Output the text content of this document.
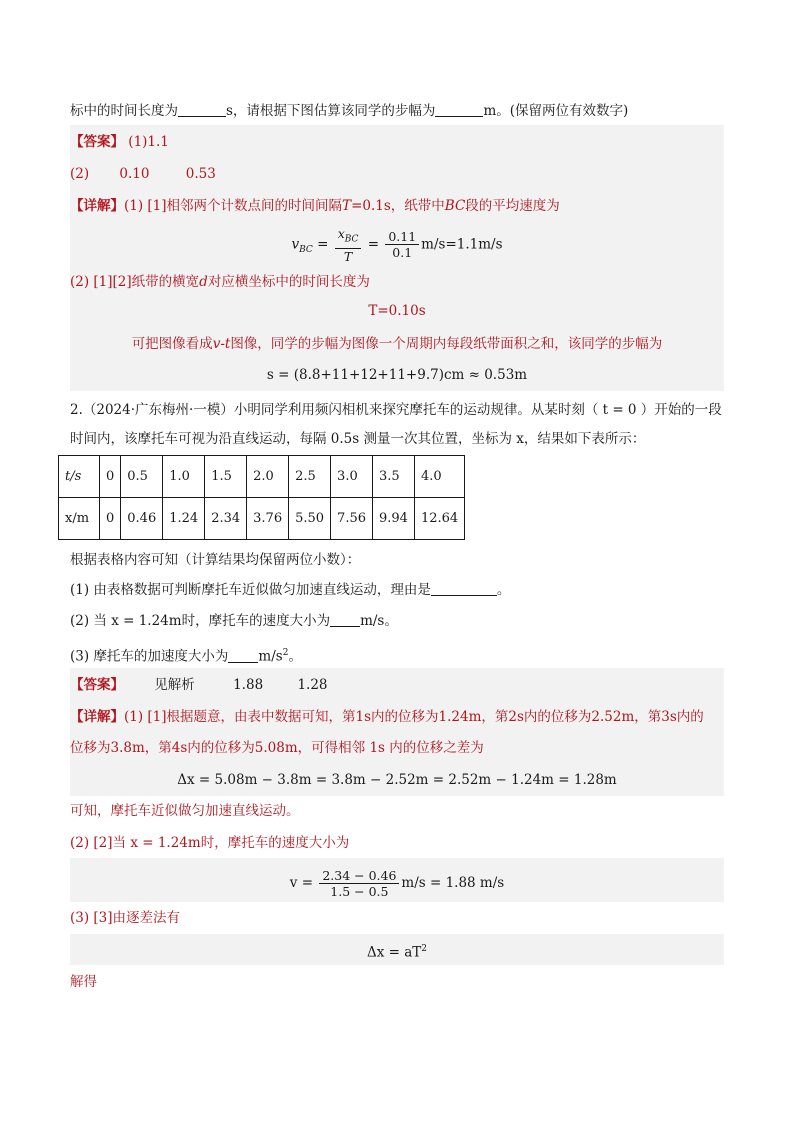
标中的时间长度为	s，请根据下图估算该同学的步幅为	m。(保留两位有效数字)
【答案】 (1)1.1
(2) 0.10	0.53
【详解】(1) [1]相邻两个计数点间的时间间隔T=0.1s，纸带中BC段的平均速度为
$v_{BC} = \frac{x_{BC}}{T} = \frac{0.11}{0.1} m/s=1.1m/s$
(2) [1][2]纸带的横宽d对应横坐标中的时间长度为
T=0.10s
可把图像看成v-t图像，同学的步幅为图像一个周期内每段纸带面积之和，该同学的步幅为
s = (8.8+11+12+11+9.7)cm ≈ 0.53m
2.（2024·广东梅州·一模）小明同学利用频闪相机来探究摩托车的运动规律。从某时刻（ t = 0 ）开始的一段
时间内，该摩托车可视为沿直线运动，每隔 0.5s 测量一次其位置，坐标为 x，结果如下表所示：
t/s	0	0.5	1.0	1.5	2.0	2.5	3.0	3.5	4.0
x/m	0	0.46	1.24	2.34	3.76	5.50	7.56	9.94	12.64
根据表格内容可知（计算结果均保留两位小数）：
(1) 由表格数据可判断摩托车近似做匀加速直线运动，理由是	。
(2) 当 x = 1.24m时，摩托车的速度大小为 m/s。
(3) 摩托车的加速度大小为 $m/s^2$。
【答案】 见解析	1.88	1.28
【详解】(1) [1]根据题意，由表中数据可知，第1s内的位移为1.24m，第2s内的位移为2.52m，第3s内的
位移为3.8m，第4s内的位移为5.08m，可得相邻 1s 内的位移之差为
Δx = 5.08m − 3.8m = 3.8m − 2.52m = 2.52m − 1.24m = 1.28m
可知，摩托车近似做匀加速直线运动。
(2) [2]当 x = 1.24m时，摩托车的速度大小为
$v = \frac{2.34 - 0.46}{1.5 - 0.5} m/s = 1.88$ m/s
(3) [3]由逐差法有
$\Delta x = aT^2$
解得
